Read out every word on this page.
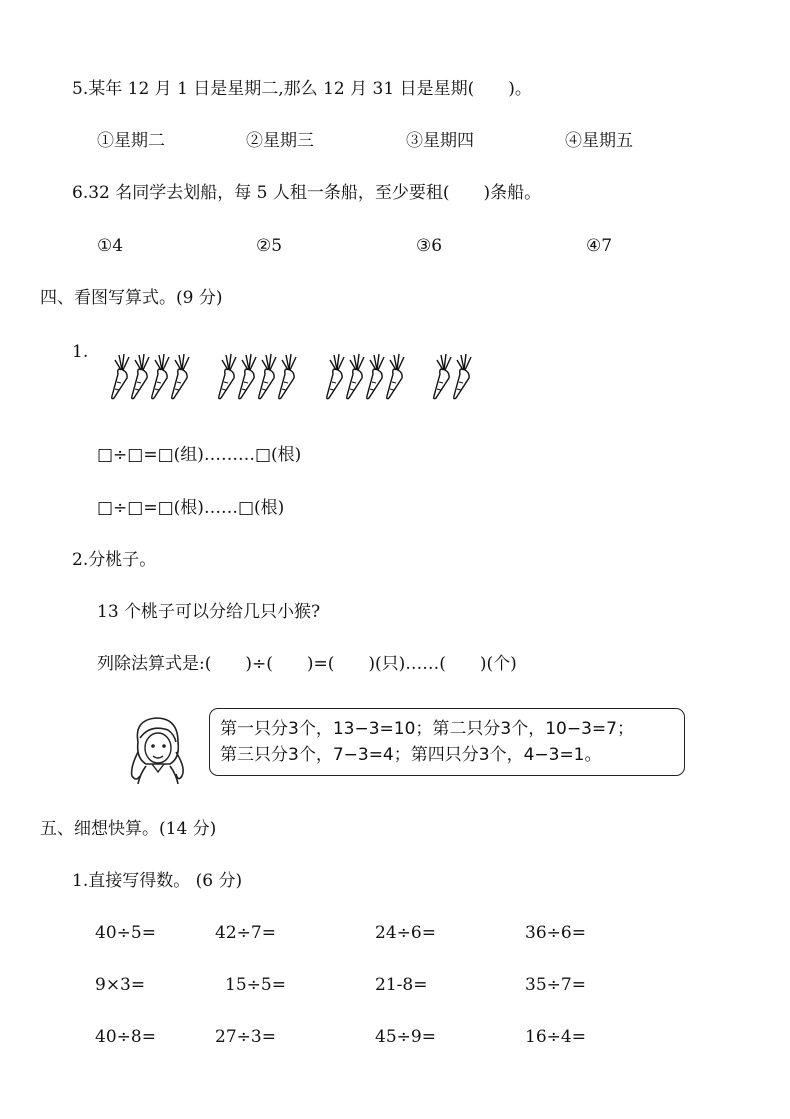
5.某年 12 月 1 日是星期二,那么 12 月 31 日是星期(　　)。
①星期二	②星期三	③星期四	④星期五
6.32 名同学去划船，每 5 人租一条船，至少要租(　　)条船。
①4	②5	③6	④7
四、看图写算式。(9 分)
1.
□÷□=□(组)………□(根)
□÷□=□(根)……□(根)
2.分桃子。
13 个桃子可以分给几只小猴?
列除法算式是:(　　)÷(　　)=(　　)(只)……(　　)(个)
第一只分3个，13−3=10；第二只分3个，10−3=7；
第三只分3个，7−3=4；第四只分3个，4−3=1。
五、细想快算。(14 分)
1.直接写得数。 (6 分)
40÷5=	42÷7=	24÷6=	36÷6=
9×3=	15÷5=	21-8=	35÷7=
40÷8=	27÷3=	45÷9=	16÷4=
